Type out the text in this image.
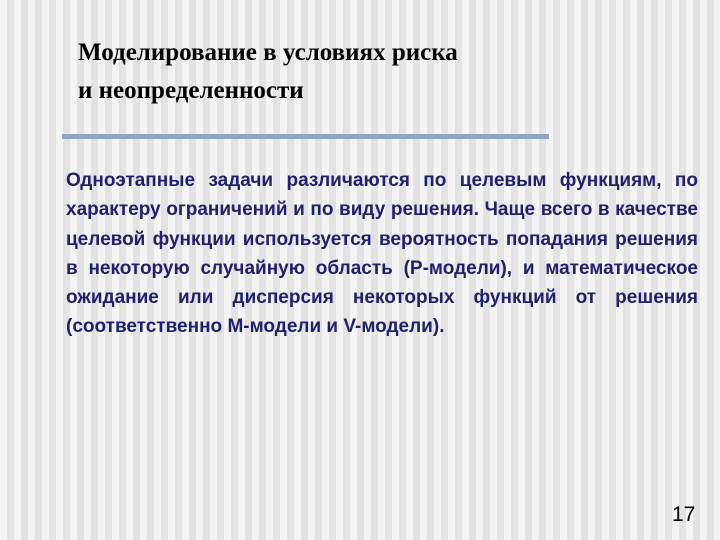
Моделирование в условиях риска
и неопределенности

Одноэтапные задачи различаются по целевым функциям, по характеру ограничений и по виду решения. Чаще всего в качестве целевой функции используется вероятность попадания решения в некоторую случайную область (Р-модели), и математическое ожидание или дисперсия некоторых функций от решения (соответственно М-модели и V-модели).

17
